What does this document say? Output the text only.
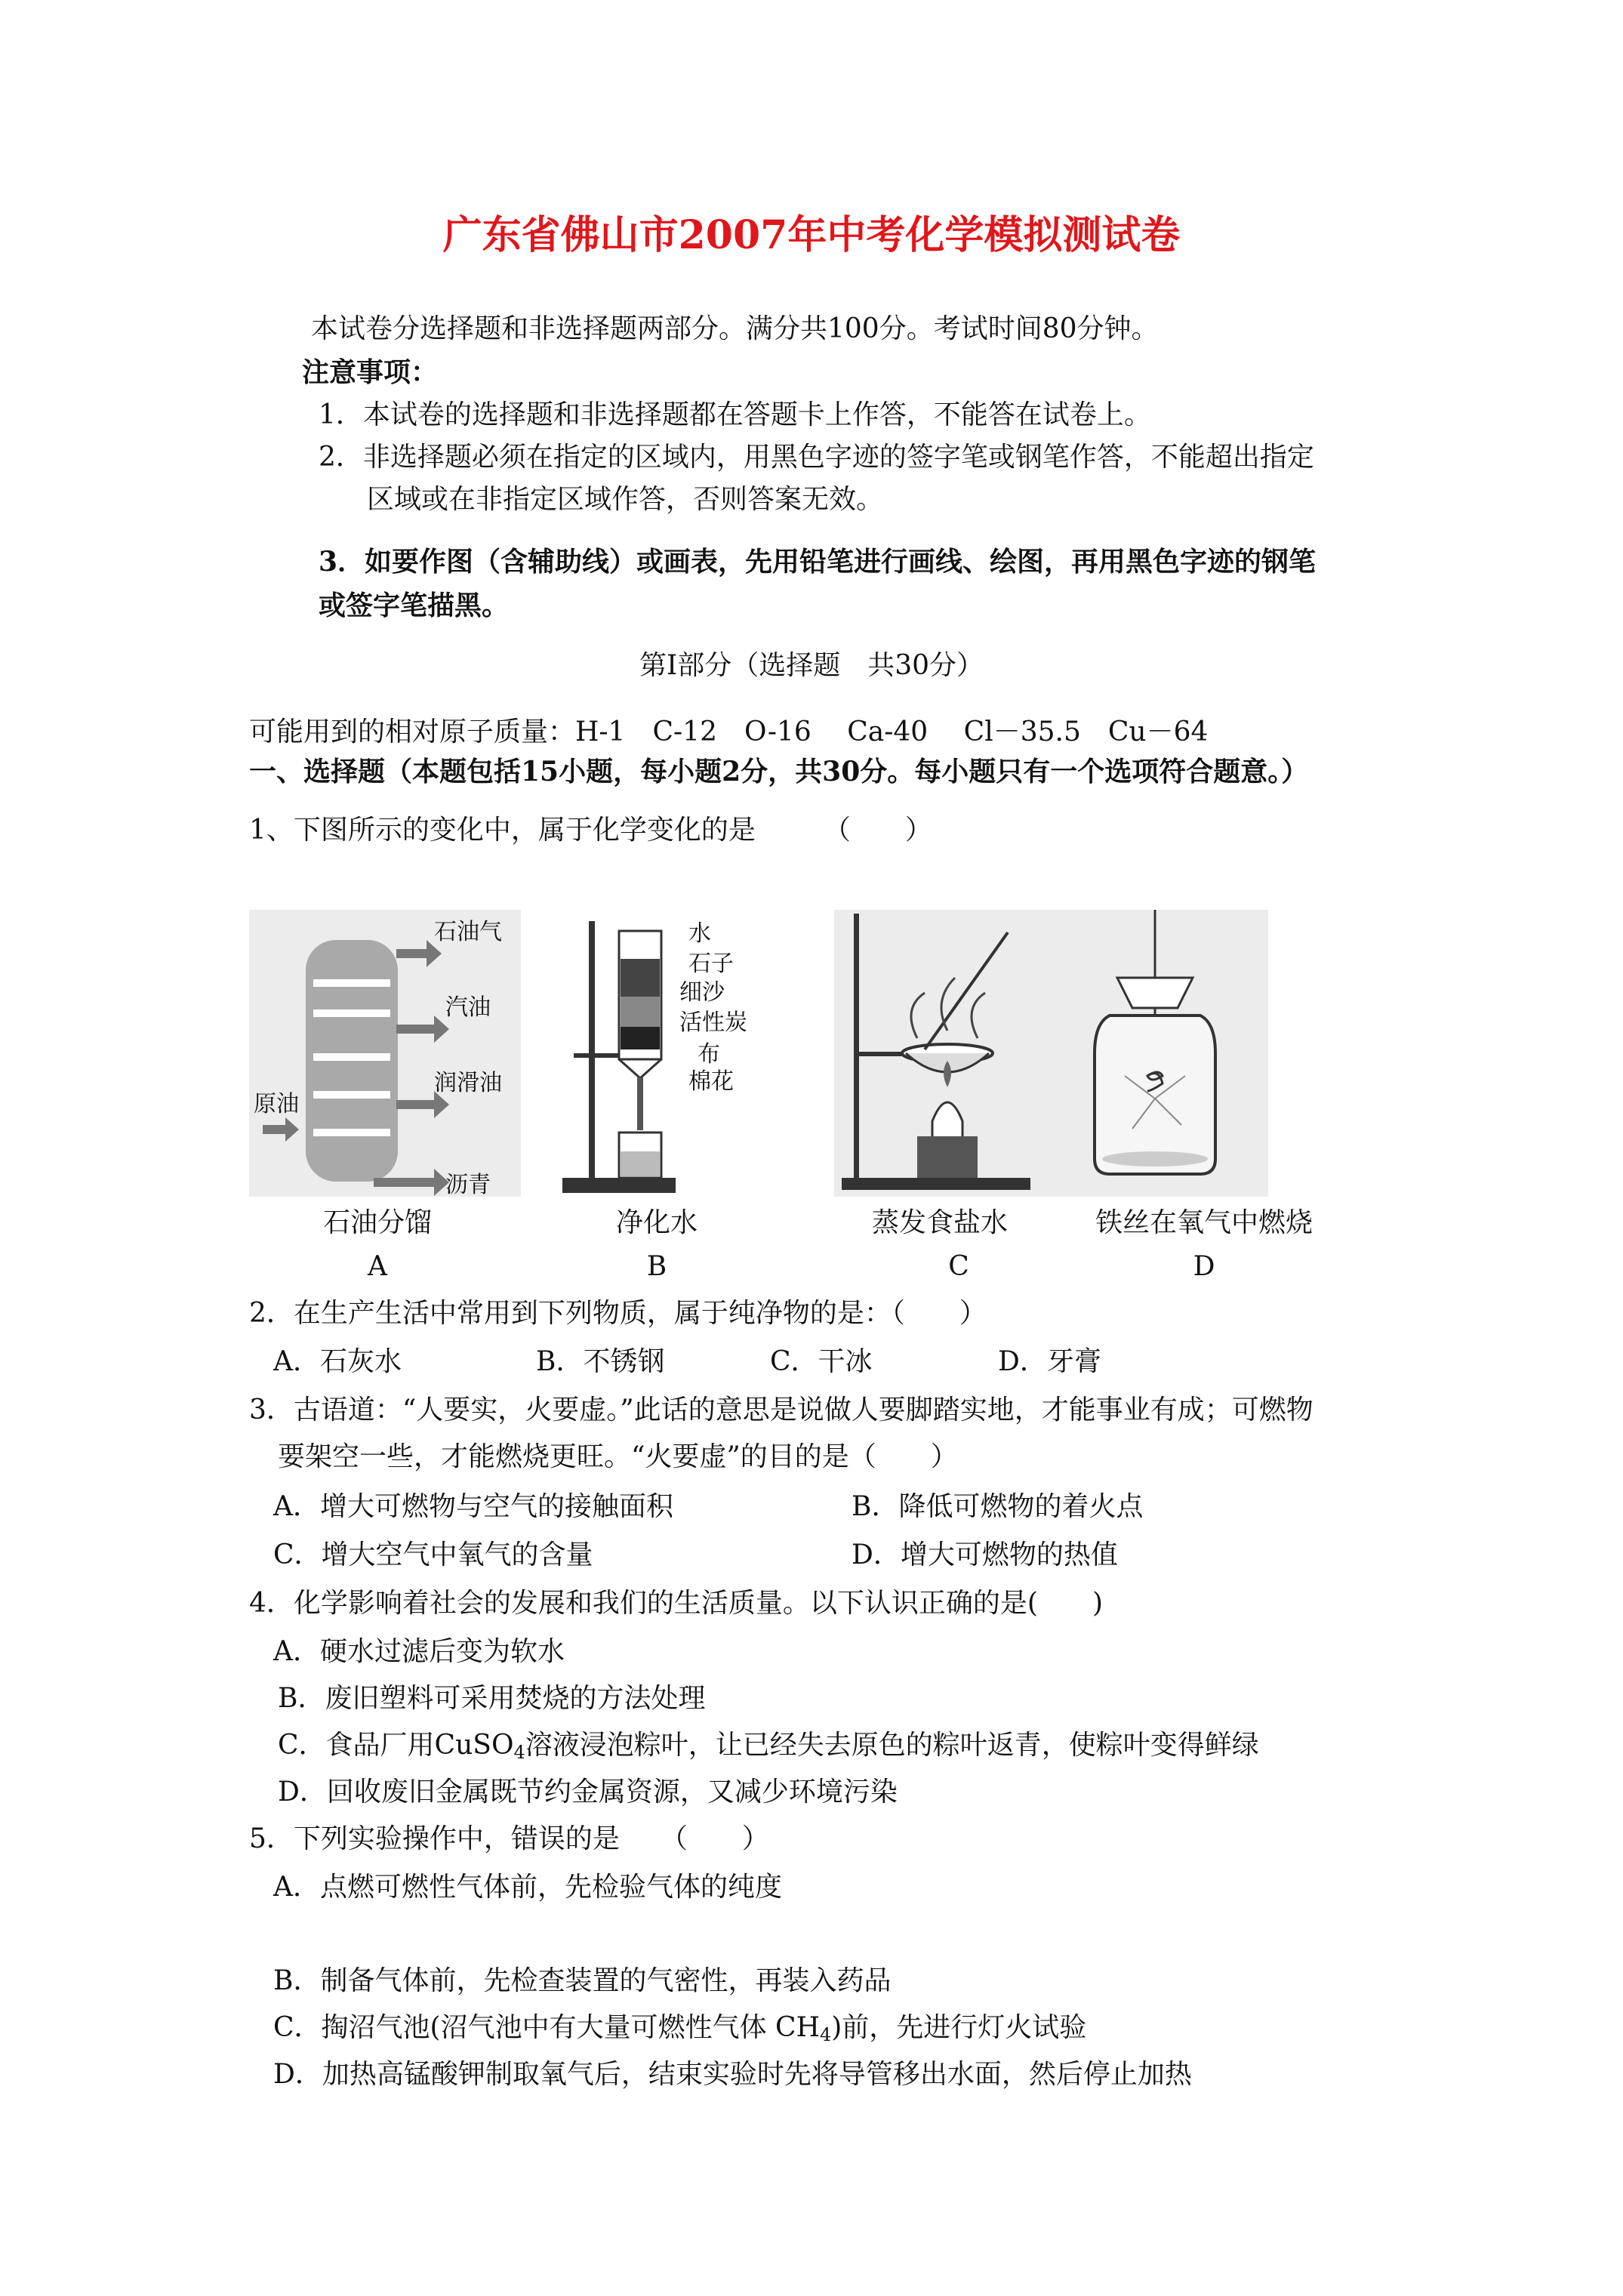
广东省佛山市2007年中考化学模拟测试卷
本试卷分选择题和非选择题两部分。满分共100分。考试时间80分钟。
注意事项：
1．本试卷的选择题和非选择题都在答题卡上作答，不能答在试卷上。
2．非选择题必须在指定的区域内，用黑色字迹的签字笔或钢笔作答，不能超出指定
区域或在非指定区域作答，否则答案无效。
3．如要作图（含辅助线）或画表，先用铅笔进行画线、绘图，再用黑色字迹的钢笔
或签字笔描黑。
第Ⅰ部分（选择题　共30分）
可能用到的相对原子质量：H-1　C-12　O-16　 Ca-40　 Cl－35.5　Cu－64
一、选择题（本题包括15小题，每小题2分，共30分。每小题只有一个选项符合题意。）
1、下图所示的变化中，属于化学变化的是　　　（　　）
石油气
汽油
润滑油
原油
沥青
水
石子
细沙
活性炭
布
棉花
石油分馏	净化水	蒸发食盐水	铁丝在氧气中燃烧
A	B	C	D
2．在生产生活中常用到下列物质，属于纯净物的是：（　　）
A．石灰水	B．不锈钢	C．干冰	D．牙膏
3．古语道：“人要实，火要虚。”此话的意思是说做人要脚踏实地，才能事业有成；可燃物
要架空一些，才能燃烧更旺。“火要虚”的目的是（　　）
A．增大可燃物与空气的接触面积	B．降低可燃物的着火点
C．增大空气中氧气的含量	D．增大可燃物的热值
4．化学影响着社会的发展和我们的生活质量。以下认识正确的是(　　)
A．硬水过滤后变为软水
B．废旧塑料可采用焚烧的方法处理
C．食品厂用CuSO$_4$溶液浸泡粽叶，让已经失去原色的粽叶返青，使粽叶变得鲜绿
D．回收废旧金属既节约金属资源，又减少环境污染
5．下列实验操作中，错误的是　　（　　）
A．点燃可燃性气体前，先检验气体的纯度
B．制备气体前，先检查装置的气密性，再装入药品
C．掏沼气池(沼气池中有大量可燃性气体 $CH_4$)前，先进行灯火试验
D．加热高锰酸钾制取氧气后，结束实验时先将导管移出水面，然后停止加热
